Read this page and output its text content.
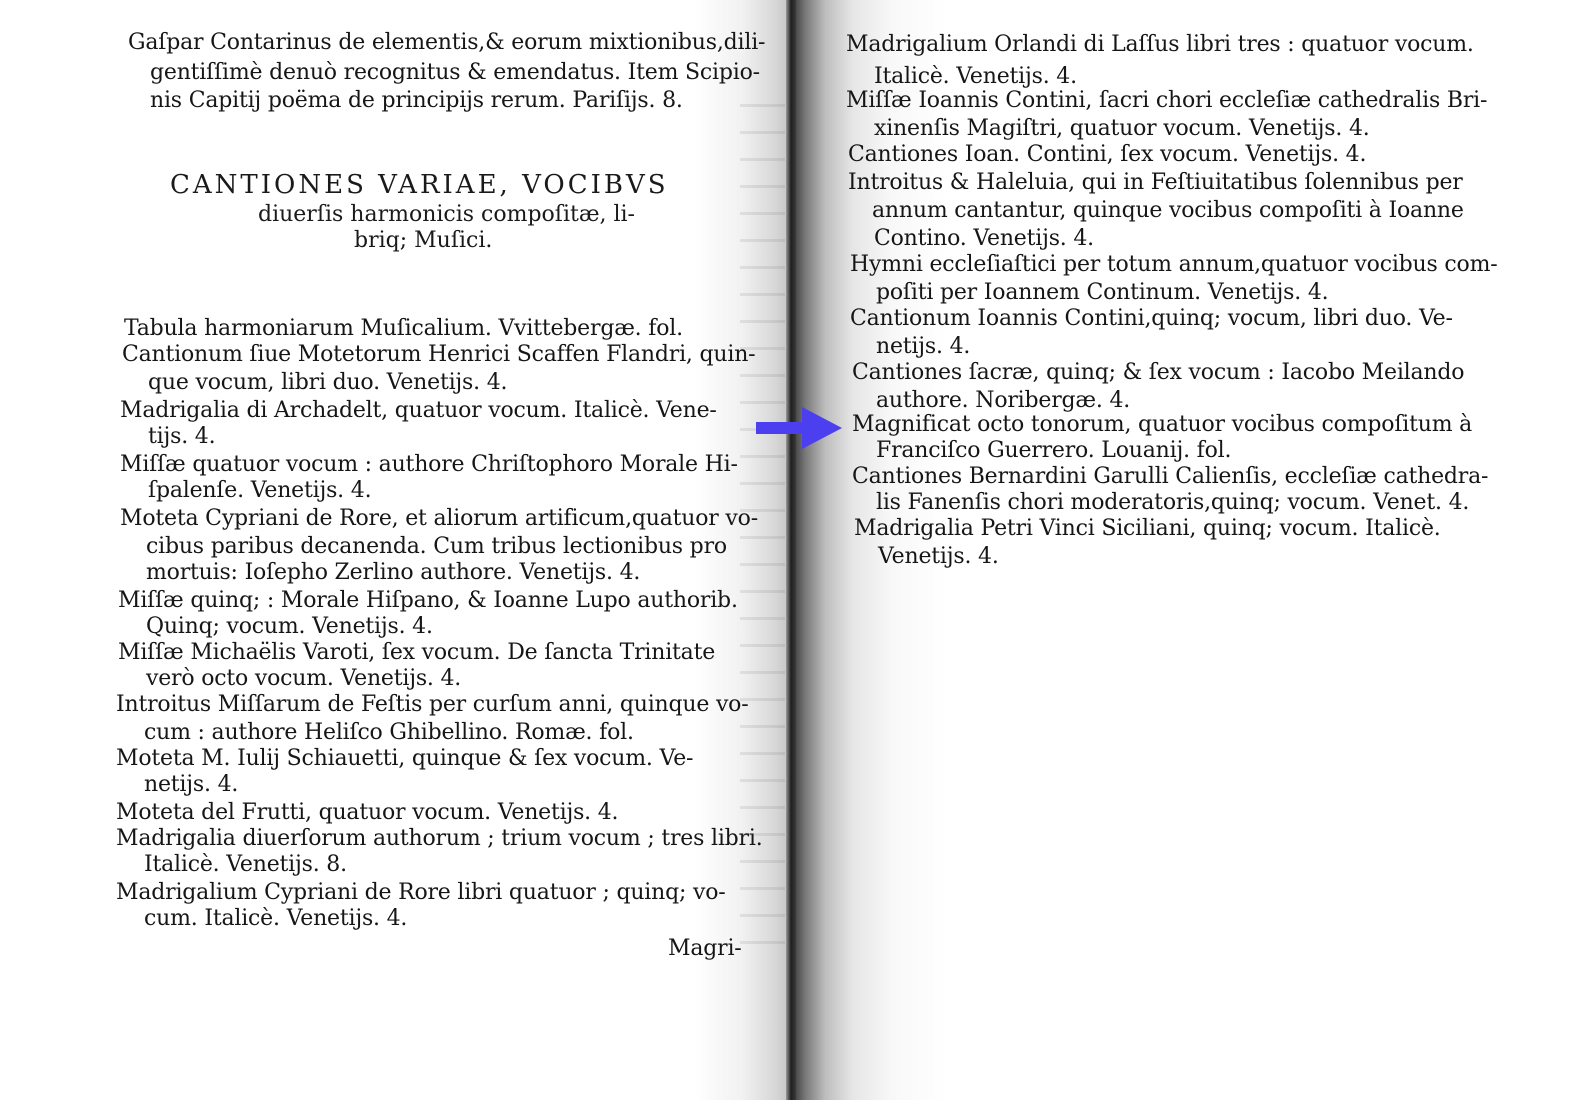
Gaſpar Contarinus de elementis,& eorum mixtionibus,dili-
gentiſſimè denuò recognitus & emendatus. Item Scipio-
nis Capitij poëma de principijs rerum. Pariſijs. 8.
CANTIONES VARIAE, VOCIBVS
diuerſis harmonicis compoſitæ, li-
briq; Muſici.
Tabula harmoniarum Muſicalium. Vvittebergæ. fol.
Cantionum ſiue Motetorum Henrici Scaffen Flandri, quin-
que vocum, libri duo. Venetijs. 4.
Madrigalia di Archadelt, quatuor vocum. Italicè. Vene-
tijs. 4.
Miſſæ quatuor vocum : authore Chriſtophoro Morale Hi-
ſpalenſe. Venetijs. 4.
Moteta Cypriani de Rore, et aliorum artificum,quatuor vo-
cibus paribus decanenda. Cum tribus lectionibus pro
mortuis: Ioſepho Zerlino authore. Venetijs. 4.
Miſſæ quinq; : Morale Hiſpano, & Ioanne Lupo authorib.
Quinq; vocum. Venetijs. 4.
Miſſæ Michaëlis Varoti, ſex vocum. De ſancta Trinitate
verò octo vocum. Venetijs. 4.
Introitus Miſſarum de Feſtis per curſum anni, quinque vo-
cum : authore Heliſco Ghibellino. Romæ. fol.
Moteta M. Iulij Schiauetti, quinque & ſex vocum. Ve-
netijs. 4.
Moteta del Frutti, quatuor vocum. Venetijs. 4.
Madrigalia diuerſorum authorum ; trium vocum ; tres libri.
Italicè. Venetijs. 8.
Madrigalium Cypriani de Rore libri quatuor ; quinq; vo-
cum. Italicè. Venetijs. 4.
Magri-
Madrigalium Orlandi di Laſſus libri tres : quatuor vocum.
Italicè. Venetijs. 4.
Miſſæ Ioannis Contini, ſacri chori eccleſiæ cathedralis Bri-
xinenſis Magiſtri, quatuor vocum. Venetijs. 4.
Cantiones Ioan. Contini, ſex vocum. Venetijs. 4.
Introitus & Haleluia, qui in Feſtiuitatibus ſolennibus per
annum cantantur, quinque vocibus compoſiti à Ioanne
Contino. Venetijs. 4.
Hymni eccleſiaſtici per totum annum,quatuor vocibus com-
poſiti per Ioannem Continum. Venetijs. 4.
Cantionum Ioannis Contini,quinq; vocum, libri duo. Ve-
netijs. 4.
Cantiones ſacræ, quinq; & ſex vocum : Iacobo Meilando
authore. Noribergæ. 4.
Magnificat octo tonorum, quatuor vocibus compoſitum à
Franciſco Guerrero. Louanij. fol.
Cantiones Bernardini Garulli Calienſis, eccleſiæ cathedra-
lis Fanenſis chori moderatoris,quinq; vocum. Venet. 4.
Madrigalia Petri Vinci Siciliani, quinq; vocum. Italicè.
Venetijs. 4.
